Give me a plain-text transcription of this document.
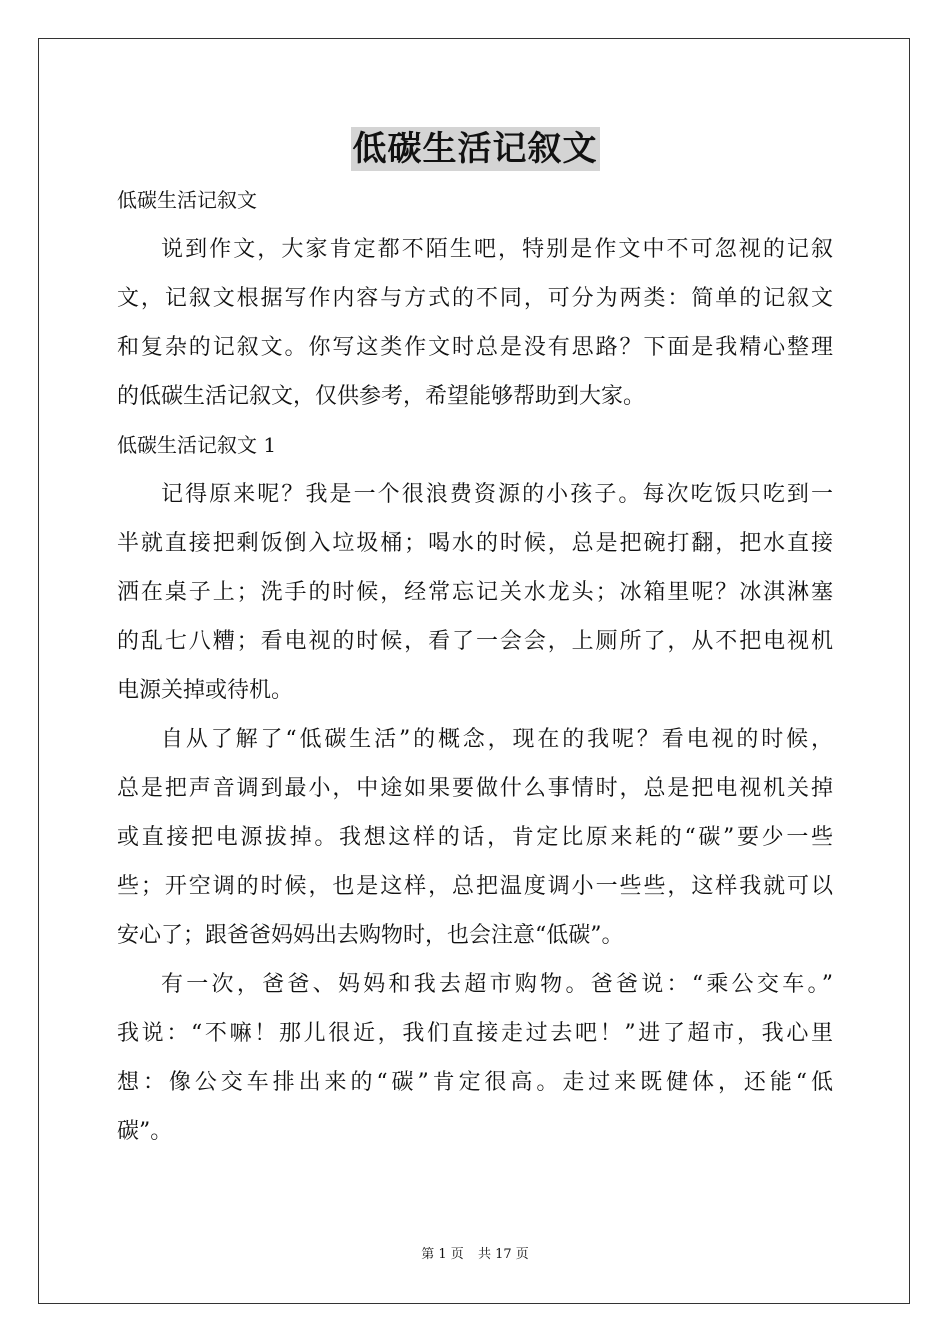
低碳生活记叙文
低碳生活记叙文
说到作文，大家肯定都不陌生吧，特别是作文中不可忽视的记叙
文，记叙文根据写作内容与方式的不同，可分为两类：简单的记叙文
和复杂的记叙文。你写这类作文时总是没有思路？下面是我精心整理
的低碳生活记叙文，仅供参考，希望能够帮助到大家。
低碳生活记叙文 1
记得原来呢？我是一个很浪费资源的小孩子。每次吃饭只吃到一
半就直接把剩饭倒入垃圾桶；喝水的时候，总是把碗打翻，把水直接
洒在桌子上；洗手的时候，经常忘记关水龙头；冰箱里呢？冰淇淋塞
的乱七八糟；看电视的时候，看了一会会，上厕所了，从不把电视机
电源关掉或待机。
自从了解了“低碳生活”的概念，现在的我呢？看电视的时候，
总是把声音调到最小，中途如果要做什么事情时，总是把电视机关掉
或直接把电源拔掉。我想这样的话，肯定比原来耗的“碳”要少一些
些；开空调的时候，也是这样，总把温度调小一些些，这样我就可以
安心了；跟爸爸妈妈出去购物时，也会注意“低碳”。
有一次，爸爸、妈妈和我去超市购物。爸爸说：“乘公交车。”
我说：“不嘛！那儿很近，我们直接走过去吧！”进了超市，我心里
想：像公交车排出来的“碳”肯定很高。走过来既健体，还能“低
碳”。
第 1 页 共 17 页
